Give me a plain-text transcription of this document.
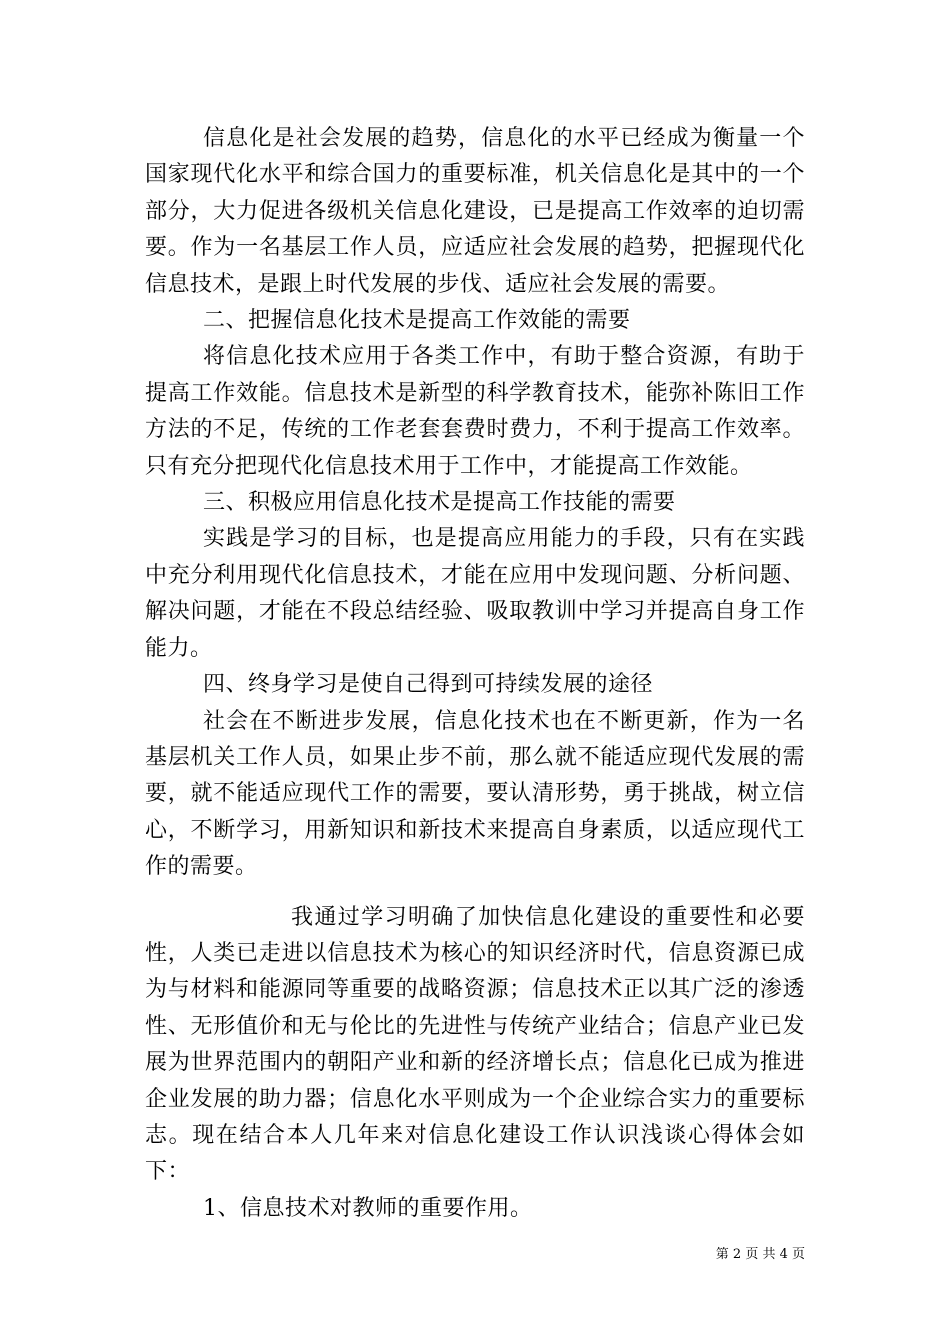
信息化是社会发展的趋势，信息化的水平已经成为衡量一个国家现代化水平和综合国力的重要标准，机关信息化是其中的一个部分，大力促进各级机关信息化建设，已是提高工作效率的迫切需要。作为一名基层工作人员，应适应社会发展的趋势，把握现代化信息技术，是跟上时代发展的步伐、适应社会发展的需要。

二、把握信息化技术是提高工作效能的需要

将信息化技术应用于各类工作中，有助于整合资源，有助于提高工作效能。信息技术是新型的科学教育技术，能弥补陈旧工作方法的不足，传统的工作老套套费时费力，不利于提高工作效率。只有充分把现代化信息技术用于工作中，才能提高工作效能。

三、积极应用信息化技术是提高工作技能的需要

实践是学习的目标，也是提高应用能力的手段，只有在实践中充分利用现代化信息技术，才能在应用中发现问题、分析问题、解决问题，才能在不段总结经验、吸取教训中学习并提高自身工作能力。

四、终身学习是使自己得到可持续发展的途径

社会在不断进步发展，信息化技术也在不断更新，作为一名基层机关工作人员，如果止步不前，那么就不能适应现代发展的需要，就不能适应现代工作的需要，要认清形势，勇于挑战，树立信心，不断学习，用新知识和新技术来提高自身素质，以适应现代工作的需要。

我通过学习明确了加快信息化建设的重要性和必要性，人类已走进以信息技术为核心的知识经济时代，信息资源已成为与材料和能源同等重要的战略资源；信息技术正以其广泛的渗透性、无形值价和无与伦比的先进性与传统产业结合；信息产业已发展为世界范围内的朝阳产业和新的经济增长点；信息化已成为推进企业发展的助力器；信息化水平则成为一个企业综合实力的重要标志。现在结合本人几年来对信息化建设工作认识浅谈心得体会如下：

1、信息技术对教师的重要作用。

第 2 页 共 4 页
